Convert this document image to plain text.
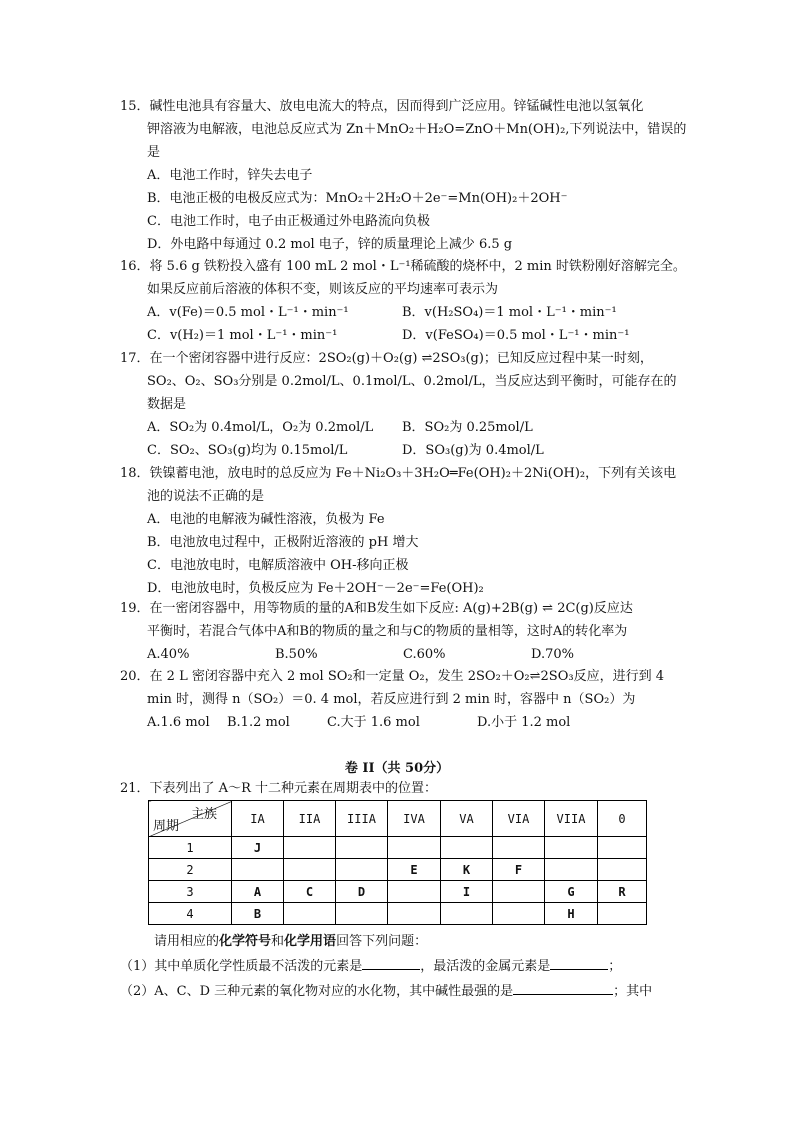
15．碱性电池具有容量大、放电电流大的特点，因而得到广泛应用。锌锰碱性电池以氢氧化
钾溶液为电解液，电池总反应式为 Zn＋MnO₂＋H₂O=ZnO＋Mn(OH)₂,下列说法中，错误的
是
A．电池工作时，锌失去电子
B．电池正极的电极反应式为：MnO₂＋2H₂O＋2e⁻=Mn(OH)₂＋2OH⁻
C．电池工作时，电子由正极通过外电路流向负极
D．外电路中每通过 0.2 mol 电子，锌的质量理论上减少 6.5 g
16．将 5.6 g 铁粉投入盛有 100 mL 2 mol・L⁻¹稀硫酸的烧杯中，2 min 时铁粉刚好溶解完全。
如果反应前后溶液的体积不变，则该反应的平均速率可表示为
A．v(Fe)＝0.5 mol・L⁻¹・min⁻¹	B．v(H₂SO₄)＝1 mol・L⁻¹・min⁻¹
C．v(H₂)＝1 mol・L⁻¹・min⁻¹	D．v(FeSO₄)＝0.5 mol・L⁻¹・min⁻¹
17．在一个密闭容器中进行反应：2SO₂(g)＋O₂(g) ⇌2SO₃(g)；已知反应过程中某一时刻，
SO₂、O₂、SO₃分别是 0.2mol/L、0.1mol/L、0.2mol/L，当反应达到平衡时，可能存在的
数据是
A．SO₂为 0.4mol/L，O₂为 0.2mol/L B．SO₂为 0.25mol/L
C．SO₂、SO₃(g)均为 0.15mol/L	D．SO₃(g)为 0.4mol/L
18．铁镍蓄电池，放电时的总反应为 Fe＋Ni₂O₃＋3H₂O═Fe(OH)₂＋2Ni(OH)₂，下列有关该电
池的说法不正确的是
A．电池的电解液为碱性溶液，负极为 Fe
B．电池放电过程中，正极附近溶液的 pH 增大
C．电池放电时，电解质溶液中 OH-移向正极
D．电池放电时，负极反应为 Fe＋2OH⁻－2e⁻=Fe(OH)₂
19．在一密闭容器中，用等物质的量的A和B发生如下反应: A(g)+2B(g) ⇌ 2C(g)反应达
平衡时，若混合气体中A和B的物质的量之和与C的物质的量相等，这时A的转化率为
A.40%	B.50%	C.60%	D.70%
20．在 2 L 密闭容器中充入 2 mol SO₂和一定量 O₂，发生 2SO₂＋O₂⇌2SO₃反应，进行到 4
min 时，测得 n（SO₂）＝0. 4 mol，若反应进行到 2 min 时，容器中 n（SO₂）为
A.1.6 mol B.1.2 mol	C.大于 1.6 mol	D.小于 1.2 mol
卷 II（共 50分）
21．下表列出了 A～R 十二种元素在周期表中的位置：
主族
周期	IA	IIA	IIIA	IVA	VA	VIA	VIIA	0
1	J							
2				E	K	F		
3	A	C	D		I		G	R
4	B						H	
请用相应的化学符号和化学用语回答下列问题：
（1）其中单质化学性质最不活泼的元素是	，最活泼的金属元素是	；
（2）A、C、D 三种元素的氧化物对应的水化物，其中碱性最强的是	；其中
